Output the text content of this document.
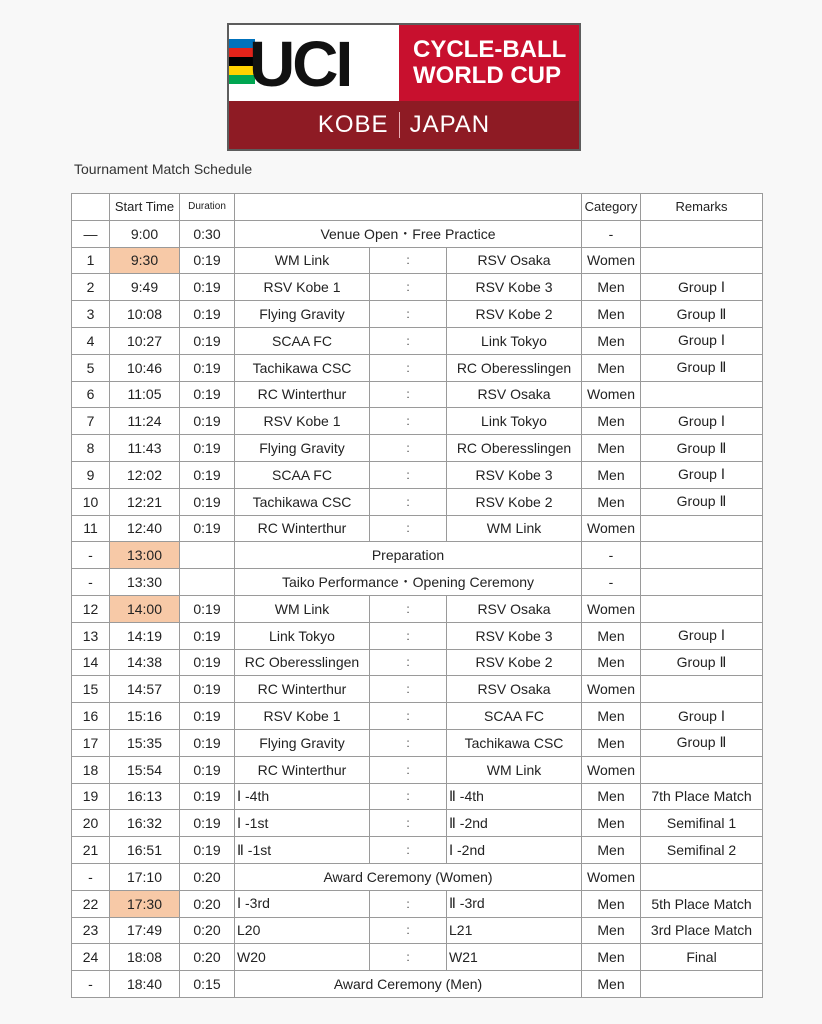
UCI	CYCLE-BALL
WORLD CUP
KOBE JAPAN
Tournament Match Schedule
	Start Time	Duration				Category	Remarks
—	9:00	0:30	Venue Open・Free Practice			-	
1	9:30	0:19	WM Link	:	RSV Osaka	Women	
2	9:49	0:19	RSV Kobe 1	:	RSV Kobe 3	Men	Group Ⅰ
3	10:08	0:19	Flying Gravity	:	RSV Kobe 2	Men	Group Ⅱ
4	10:27	0:19	SCAA FC	:	Link Tokyo	Men	Group Ⅰ
5	10:46	0:19	Tachikawa CSC	:	RC Oberesslingen	Men	Group Ⅱ
6	11:05	0:19	RC Winterthur	:	RSV Osaka	Women	
7	11:24	0:19	RSV Kobe 1	:	Link Tokyo	Men	Group Ⅰ
8	11:43	0:19	Flying Gravity	:	RC Oberesslingen	Men	Group Ⅱ
9	12:02	0:19	SCAA FC	:	RSV Kobe 3	Men	Group Ⅰ
10	12:21	0:19	Tachikawa CSC	:	RSV Kobe 2	Men	Group Ⅱ
11	12:40	0:19	RC Winterthur	:	WM Link	Women	
-	13:00		Preparation			-	
-	13:30		Taiko Performance・Opening Ceremony			-	
12	14:00	0:19	WM Link	:	RSV Osaka	Women	
13	14:19	0:19	Link Tokyo	:	RSV Kobe 3	Men	Group Ⅰ
14	14:38	0:19	RC Oberesslingen	:	RSV Kobe 2	Men	Group Ⅱ
15	14:57	0:19	RC Winterthur	:	RSV Osaka	Women	
16	15:16	0:19	RSV Kobe 1	:	SCAA FC	Men	Group Ⅰ
17	15:35	0:19	Flying Gravity	:	Tachikawa CSC	Men	Group Ⅱ
18	15:54	0:19	RC Winterthur	:	WM Link	Women	
19	16:13	0:19	Ⅰ -4th	:	Ⅱ -4th	Men	7th Place Match
20	16:32	0:19	Ⅰ -1st	:	Ⅱ -2nd	Men	Semifinal 1
21	16:51	0:19	Ⅱ -1st	:	Ⅰ -2nd	Men	Semifinal 2
-	17:10	0:20	Award Ceremony (Women)			Women	
22	17:30	0:20	Ⅰ -3rd	:	Ⅱ -3rd	Men	5th Place Match
23	17:49	0:20	L20	:	L21	Men	3rd Place Match
24	18:08	0:20	W20	:	W21	Men	Final
-	18:40	0:15	Award Ceremony (Men)			Men	
